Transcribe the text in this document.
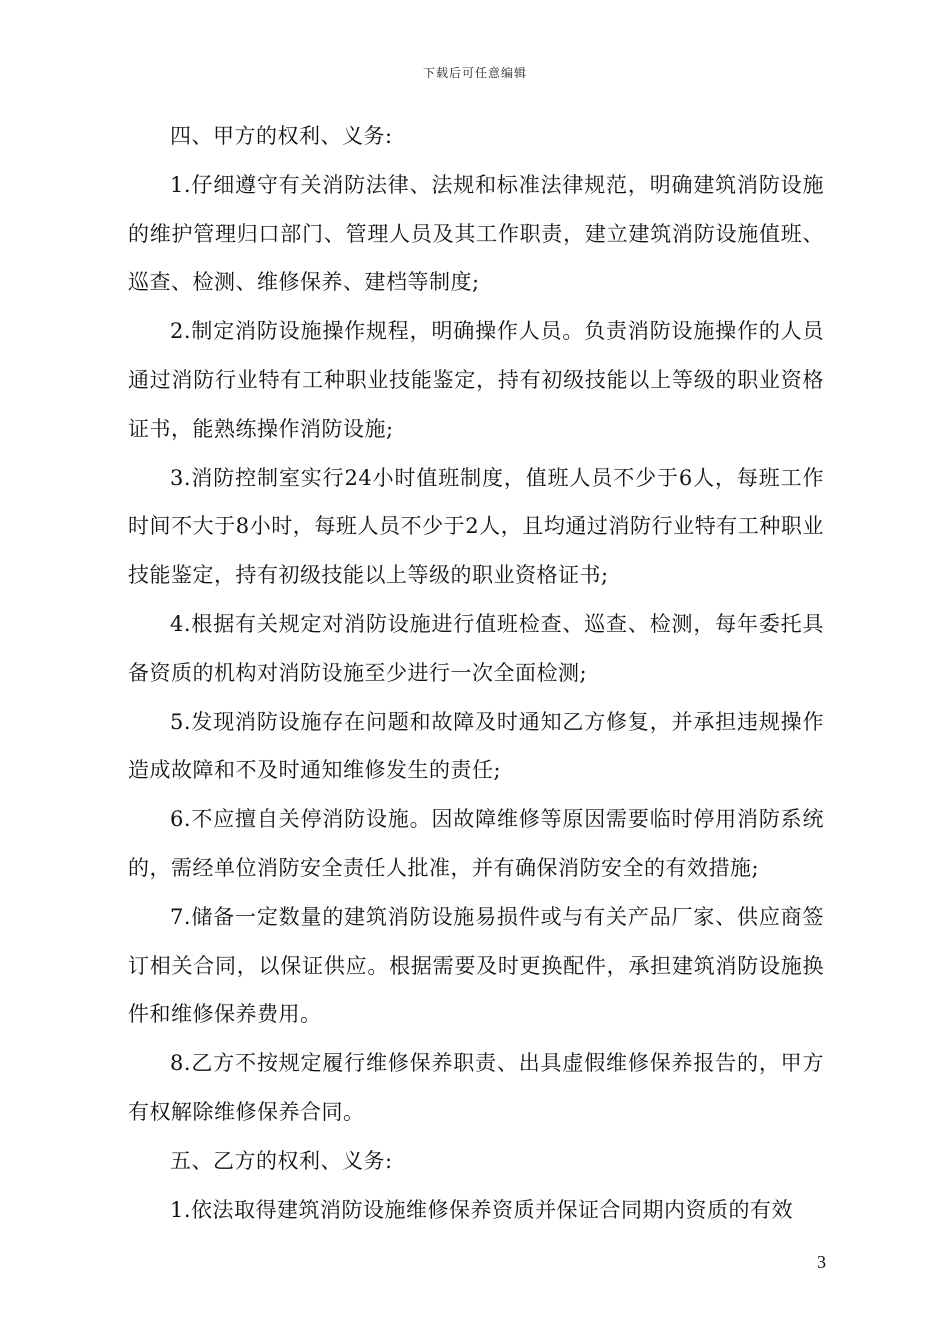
下载后可任意编辑

四、甲方的权利、义务:

1.仔细遵守有关消防法律、法规和标准法律规范，明确建筑消防设施的维护管理归口部门、管理人员及其工作职责，建立建筑消防设施值班、巡查、检测、维修保养、建档等制度;

2.制定消防设施操作规程，明确操作人员。负责消防设施操作的人员通过消防行业特有工种职业技能鉴定，持有初级技能以上等级的职业资格证书，能熟练操作消防设施;

3.消防控制室实行24小时值班制度，值班人员不少于6人，每班工作时间不大于8小时，每班人员不少于2人，且均通过消防行业特有工种职业技能鉴定，持有初级技能以上等级的职业资格证书;

4.根据有关规定对消防设施进行值班检查、巡查、检测，每年委托具备资质的机构对消防设施至少进行一次全面检测;

5.发现消防设施存在问题和故障及时通知乙方修复，并承担违规操作造成故障和不及时通知维修发生的责任;

6.不应擅自关停消防设施。因故障维修等原因需要临时停用消防系统的，需经单位消防安全责任人批准，并有确保消防安全的有效措施;

7.储备一定数量的建筑消防设施易损件或与有关产品厂家、供应商签订相关合同，以保证供应。根据需要及时更换配件，承担建筑消防设施换件和维修保养费用。

8.乙方不按规定履行维修保养职责、出具虚假维修保养报告的，甲方有权解除维修保养合同。

五、乙方的权利、义务:

1.依法取得建筑消防设施维修保养资质并保证合同期内资质的有效

3
